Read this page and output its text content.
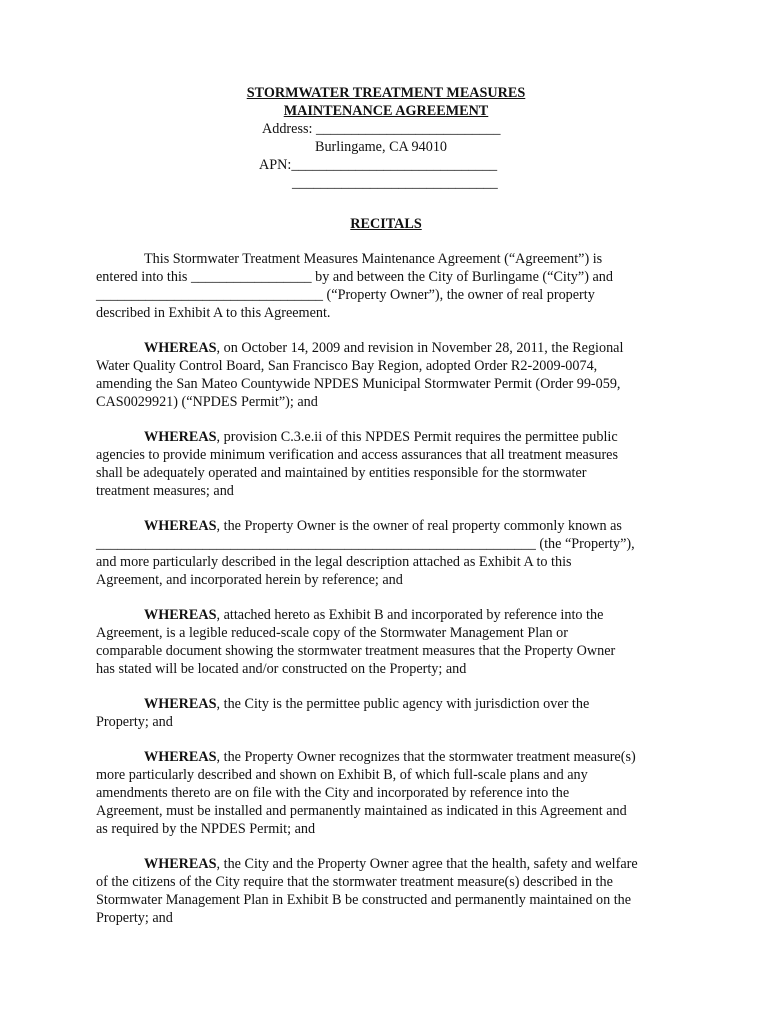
STORMWATER TREATMENT MEASURES

MAINTENANCE AGREEMENT

Address: __________________________

Burlingame, CA 94010

APN:_____________________________

_____________________________

RECITALS

This Stormwater Treatment Measures Maintenance Agreement (“Agreement”) is
entered into this _________________ by and between the City of Burlingame (“City”) and
________________________________ (“Property Owner”), the owner of real property
described in Exhibit A to this Agreement.
WHEREAS, on October 14, 2009 and revision in November 28, 2011, the Regional
Water Quality Control Board, San Francisco Bay Region, adopted Order R2-2009-0074,
amending the San Mateo Countywide NPDES Municipal Stormwater Permit (Order 99-059,
CAS0029921) (“NPDES Permit”); and
WHEREAS, provision C.3.e.ii of this NPDES Permit requires the permittee public
agencies to provide minimum verification and access assurances that all treatment measures
shall be adequately operated and maintained by entities responsible for the stormwater
treatment measures; and
WHEREAS, the Property Owner is the owner of real property commonly known as
______________________________________________________________ (the “Property”),
and more particularly described in the legal description attached as Exhibit A to this
Agreement, and incorporated herein by reference; and
WHEREAS, attached hereto as Exhibit B and incorporated by reference into the
Agreement, is a legible reduced-scale copy of the Stormwater Management Plan or
comparable document showing the stormwater treatment measures that the Property Owner
has stated will be located and/or constructed on the Property; and
WHEREAS, the City is the permittee public agency with jurisdiction over the
Property; and
WHEREAS, the Property Owner recognizes that the stormwater treatment measure(s)
more particularly described and shown on Exhibit B, of which full-scale plans and any
amendments thereto are on file with the City and incorporated by reference into the
Agreement, must be installed and permanently maintained as indicated in this Agreement and
as required by the NPDES Permit; and
WHEREAS, the City and the Property Owner agree that the health, safety and welfare
of the citizens of the City require that the stormwater treatment measure(s) described in the
Stormwater Management Plan in Exhibit B be constructed and permanently maintained on the
Property; and
